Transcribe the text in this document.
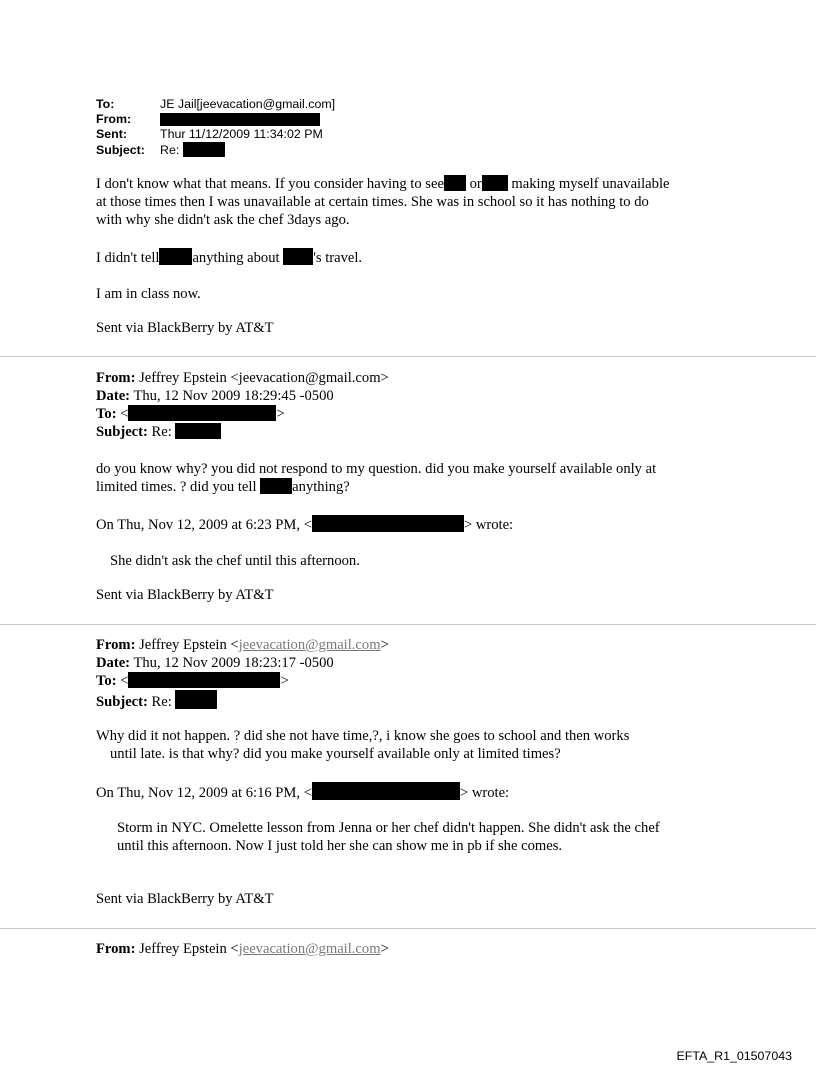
To:	JE Jail[jeevacation@gmail.com]
From:
Sent:	Thur 11/12/2009 11:34:02 PM
Subject: Re:
I don't know what that means. If you consider having to see or making myself unavailable
at those times then I was unavailable at certain times. She was in school so it has nothing to do
with why she didn't ask the chef 3days ago.
I didn't tell anything about 's travel.
I am in class now.
Sent via BlackBerry by AT&T
From: Jeffrey Epstein <jeevacation@gmail.com>
Date: Thu, 12 Nov 2009 18:29:45 -0500
To: <	>
Subject: Re:
do you know why? you did not respond to my question. did you make yourself available only at
limited times. ? did you tell anything?
On Thu, Nov 12, 2009 at 6:23 PM, <	> wrote:
She didn't ask the chef until this afternoon.
Sent via BlackBerry by AT&T
From: Jeffrey Epstein <jeevacation@gmail.com>
Date: Thu, 12 Nov 2009 18:23:17 -0500
To: <	>
Subject: Re:
Why did it not happen. ? did she not have time,?, i know she goes to school and then works
until late. is that why? did you make yourself available only at limited times?
On Thu, Nov 12, 2009 at 6:16 PM, <	> wrote:
Storm in NYC. Omelette lesson from Jenna or her chef didn't happen. She didn't ask the chef
until this afternoon. Now I just told her she can show me in pb if she comes.
Sent via BlackBerry by AT&T
From: Jeffrey Epstein <jeevacation@gmail.com>
EFTA_R1_01507043
